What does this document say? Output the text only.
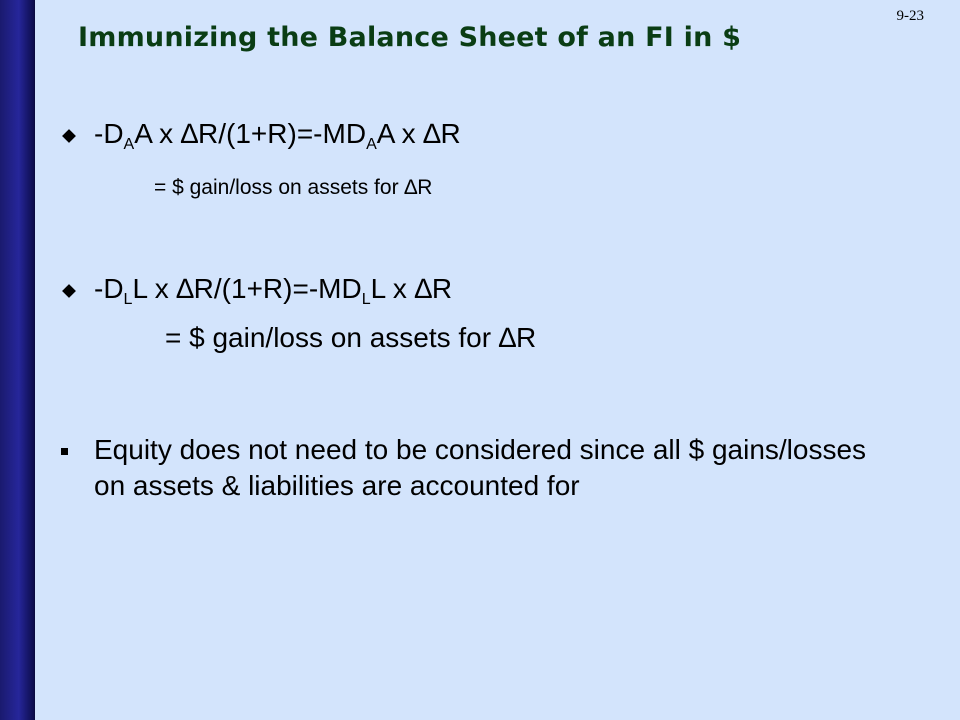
9-23
Immunizing the Balance Sheet of an FI in $
$-D_AA$ x $\Delta R/(1+R)=-MD_AA$ x ∆R
= $ gain/loss on assets for ∆R
$-D_LL$ x $\Delta R/(1+R)=-MD_LL$ x ∆R
= $ gain/loss on assets for ∆R
Equity does not need to be considered since all $ gains/losses on assets & liabilities are accounted for
